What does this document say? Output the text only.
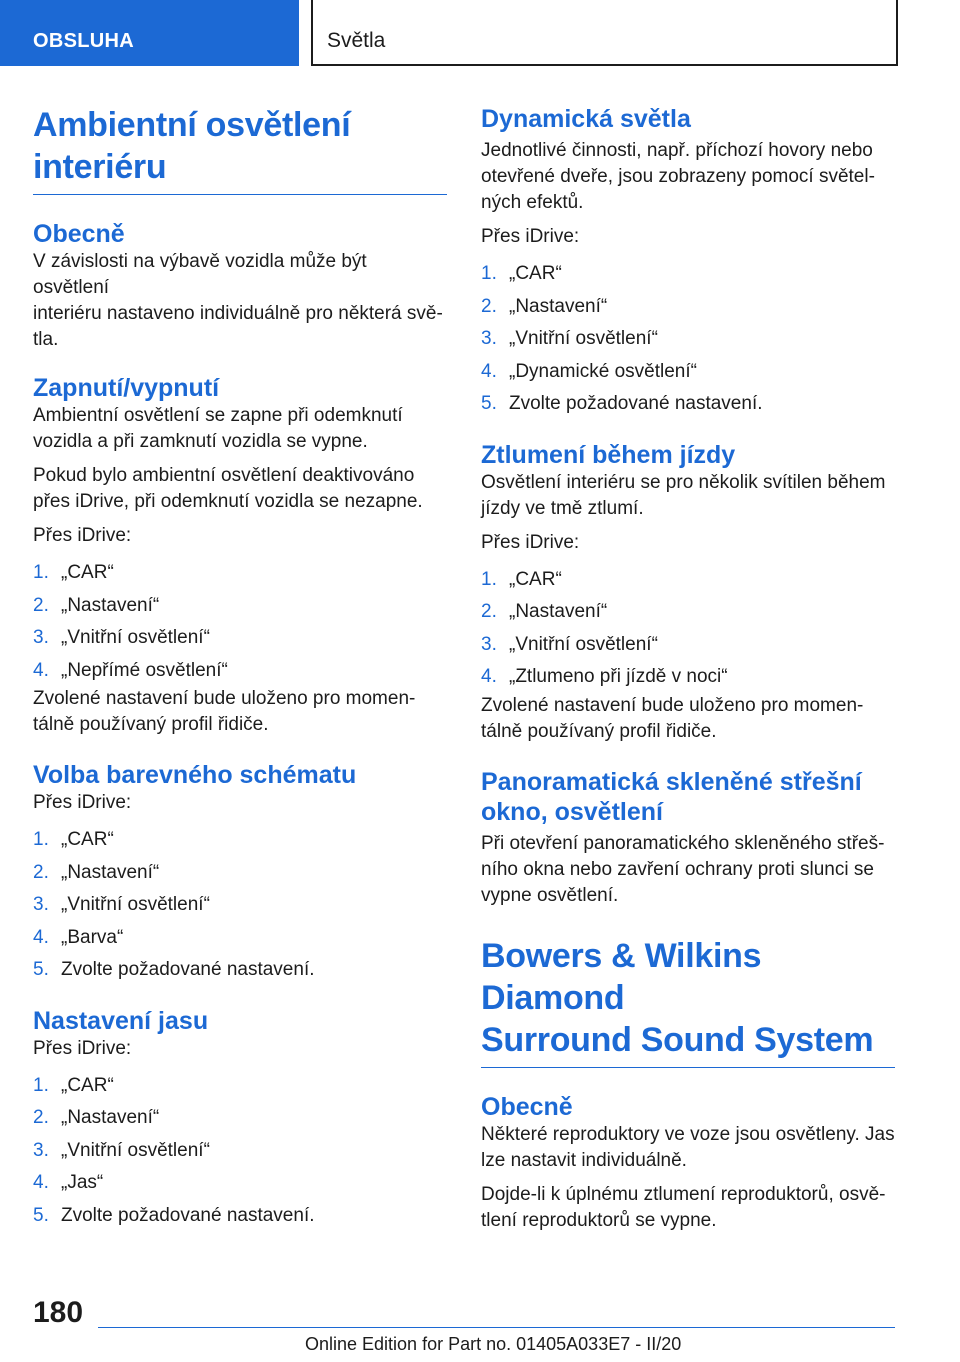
OBSLUHA	Světla
Ambientní osvětlení
interiéru
Obecně

V závislosti na výbavě vozidla může být osvětlení
interiéru nastaveno individuálně pro některá svě-
tla.

Zapnutí/vypnutí

Ambientní osvětlení se zapne při odemknutí
vozidla a při zamknutí vozidla se vypne.

Pokud bylo ambientní osvětlení deaktivováno
přes iDrive, při odemknutí vozidla se nezapne.

Přes iDrive:

1. „CAR“
2. „Nastavení“
3. „Vnitřní osvětlení“
4. „Nepřímé osvětlení“

Zvolené nastavení bude uloženo pro momen-
tálně používaný profil řidiče.

Volba barevného schématu

Přes iDrive:

1. „CAR“
2. „Nastavení“
3. „Vnitřní osvětlení“
4. „Barva“
5. Zvolte požadované nastavení.
Nastavení jasu

Přes iDrive:

1. „CAR“
2. „Nastavení“
3. „Vnitřní osvětlení“
4. „Jas“
5. Zvolte požadované nastavení.
Dynamická světla

Jednotlivé činnosti, např. příchozí hovory nebo
otevřené dveře, jsou zobrazeny pomocí světel-
ných efektů.

Přes iDrive:

1. „CAR“
2. „Nastavení“
3. „Vnitřní osvětlení“
4. „Dynamické osvětlení“
5. Zvolte požadované nastavení.
Ztlumení během jízdy

Osvětlení interiéru se pro několik svítilen během
jízdy ve tmě ztlumí.

Přes iDrive:

1. „CAR“
2. „Nastavení“
3. „Vnitřní osvětlení“
4. „Ztlumeno při jízdě v noci“

Zvolené nastavení bude uloženo pro momen-
tálně používaný profil řidiče.

Panoramatická skleněné střešní
okno, osvětlení

Při otevření panoramatického skleněného střeš-
ního okna nebo zavření ochrany proti slunci se
vypne osvětlení.

Bowers & Wilkins Diamond
Surround Sound System
Obecně

Některé reproduktory ve voze jsou osvětleny. Jas
lze nastavit individuálně.

Dojde-li k úplnému ztlumení reproduktorů, osvě-
tlení reproduktorů se vypne.

180
Online Edition for Part no. 01405A033E7 - II/20
